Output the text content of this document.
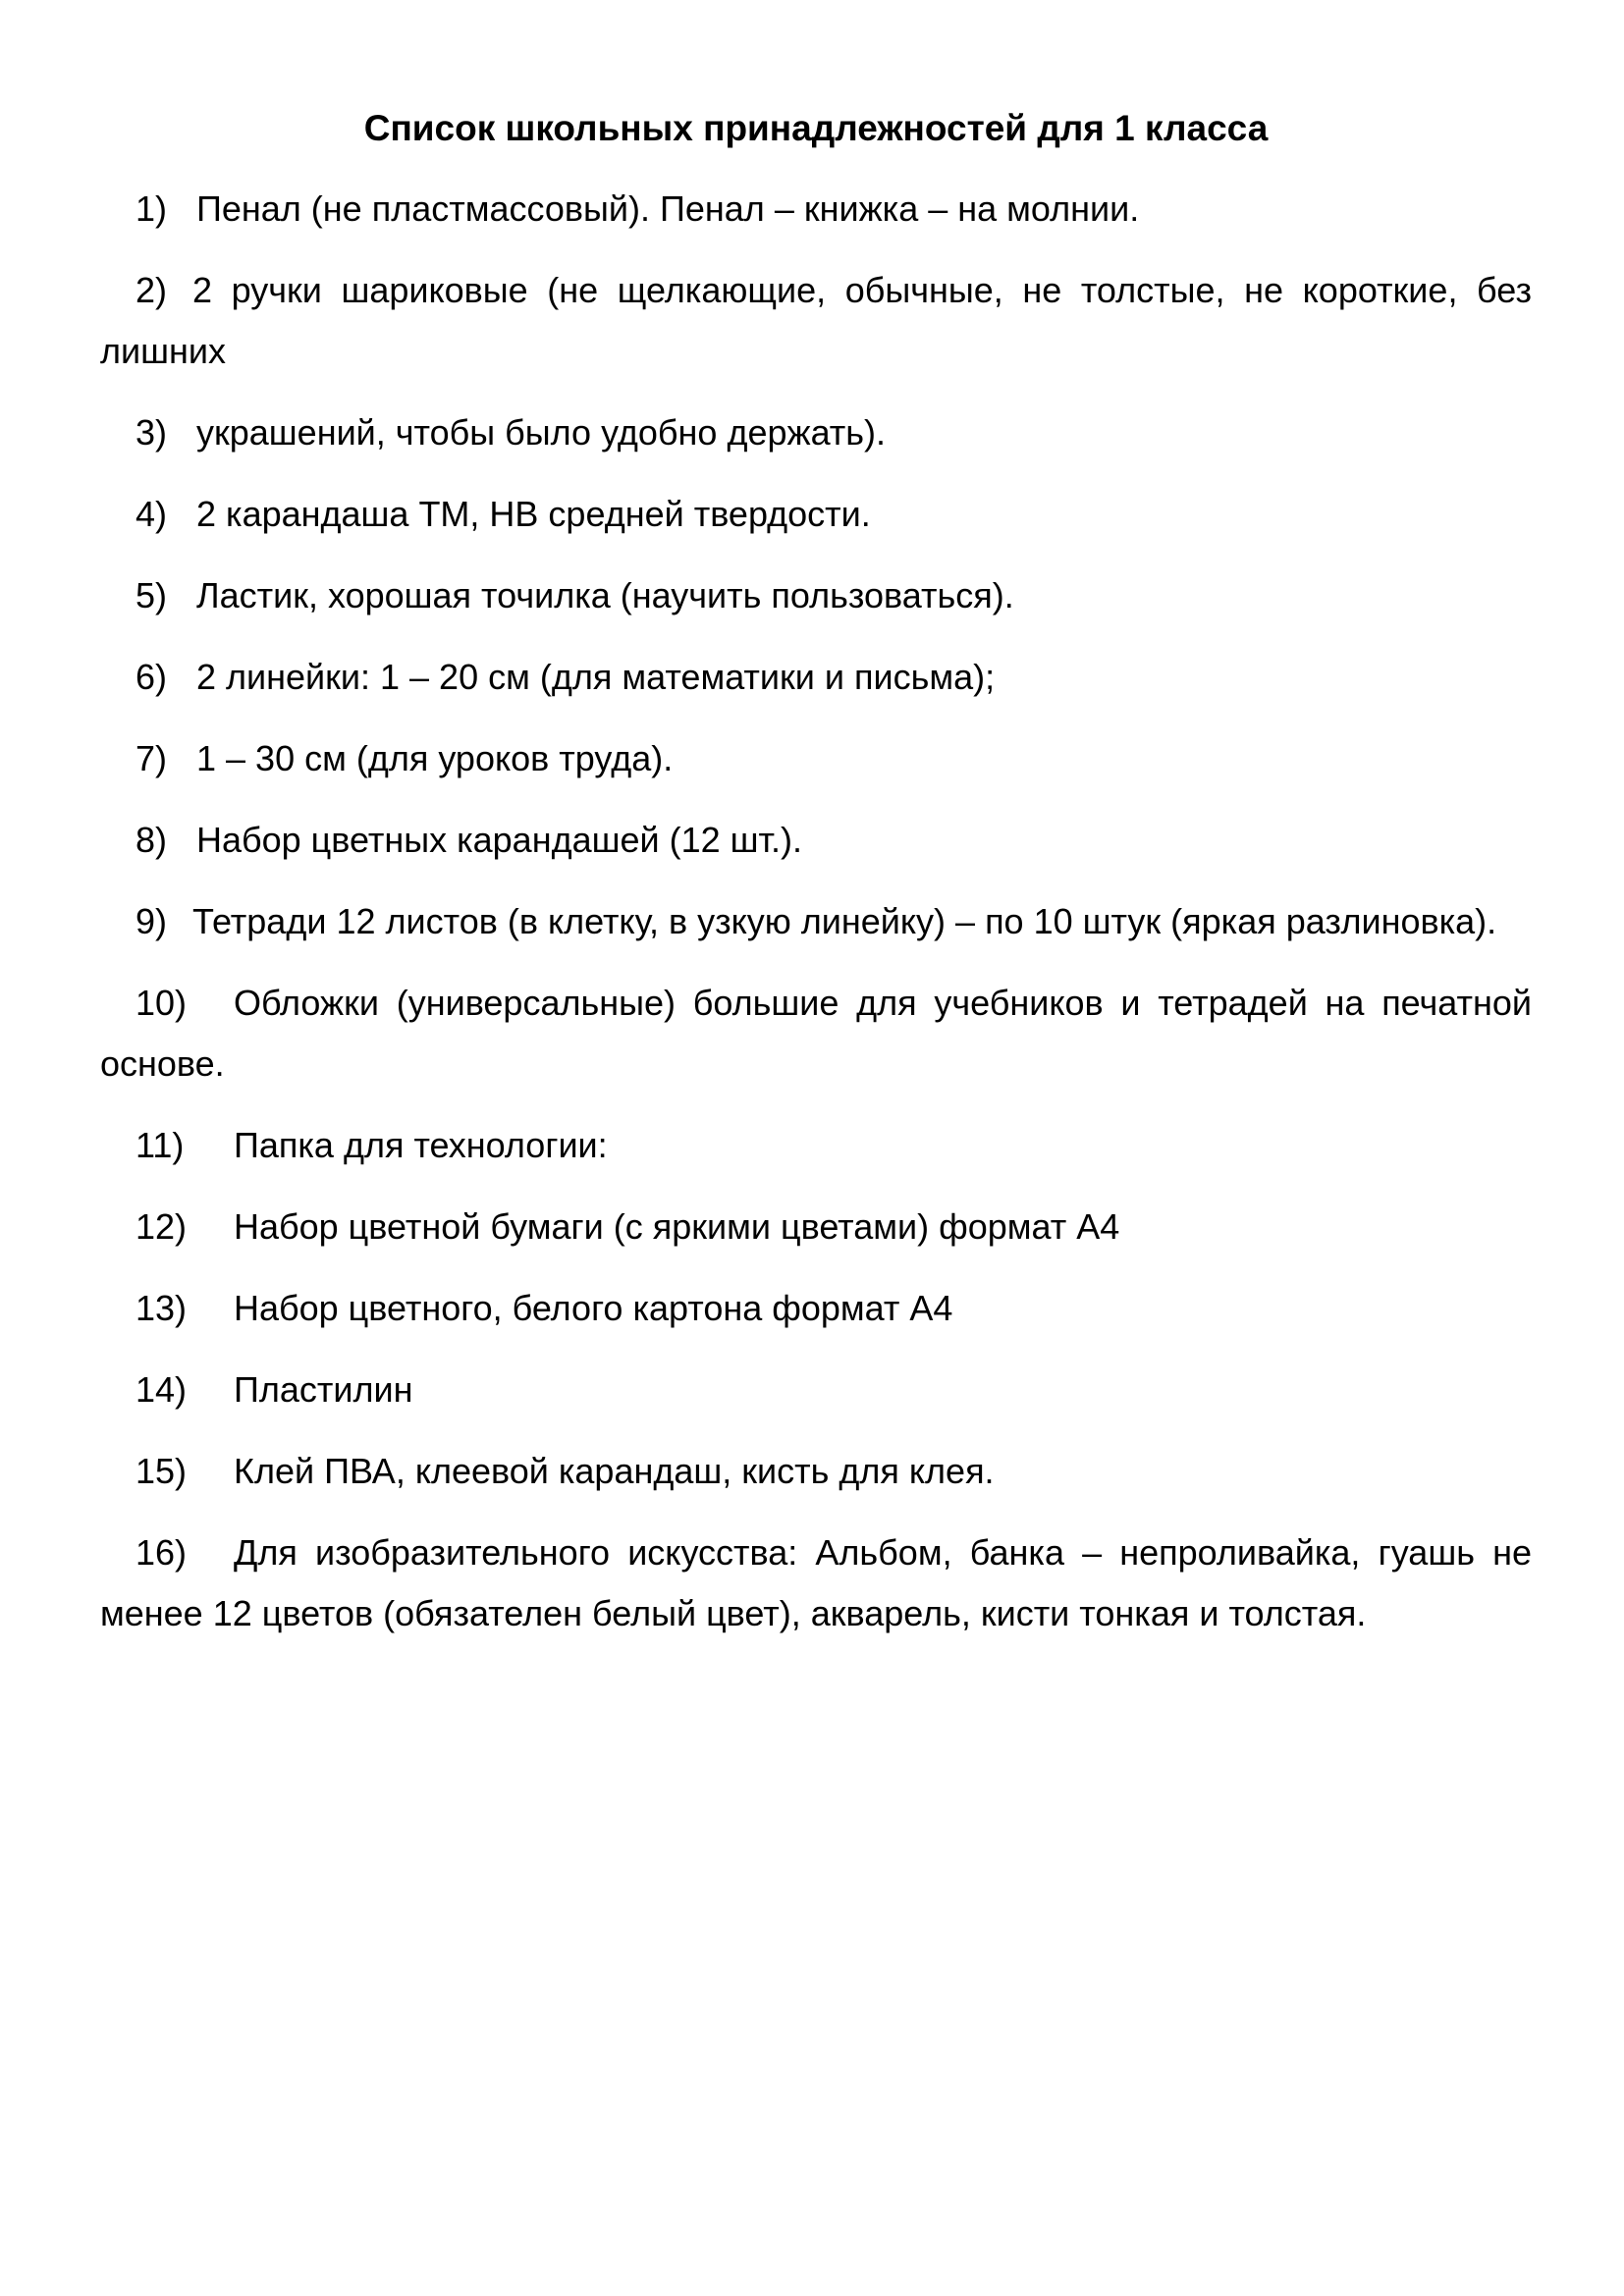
Список школьных принадлежностей для 1 класса
1) Пенал (не пластмассовый). Пенал – книжка – на молнии.
2) 2 ручки шариковые (не щелкающие, обычные, не толстые, не короткие, без лишних
3) украшений, чтобы было удобно держать).
4) 2 карандаша ТМ, НВ средней твердости.
5) Ластик, хорошая точилка (научить пользоваться).
6) 2 линейки: 1 – 20 см (для математики и письма);
7) 1 – 30 см (для уроков труда).
8) Набор цветных карандашей (12 шт.).
9) Тетради 12 листов (в клетку, в узкую линейку) – по 10 штук (яркая разлиновка).
10) Обложки (универсальные) большие для учебников и тетрадей на печатной основе.
11) Папка для технологии:
12) Набор цветной бумаги (с яркими цветами) формат А4
13) Набор цветного, белого картона формат А4
14) Пластилин
15) Клей ПВА, клеевой карандаш, кисть для клея.
16) Для изобразительного искусства: Альбом, банка – непроливайка, гуашь не менее 12 цветов (обязателен белый цвет), акварель, кисти тонкая и толстая.
